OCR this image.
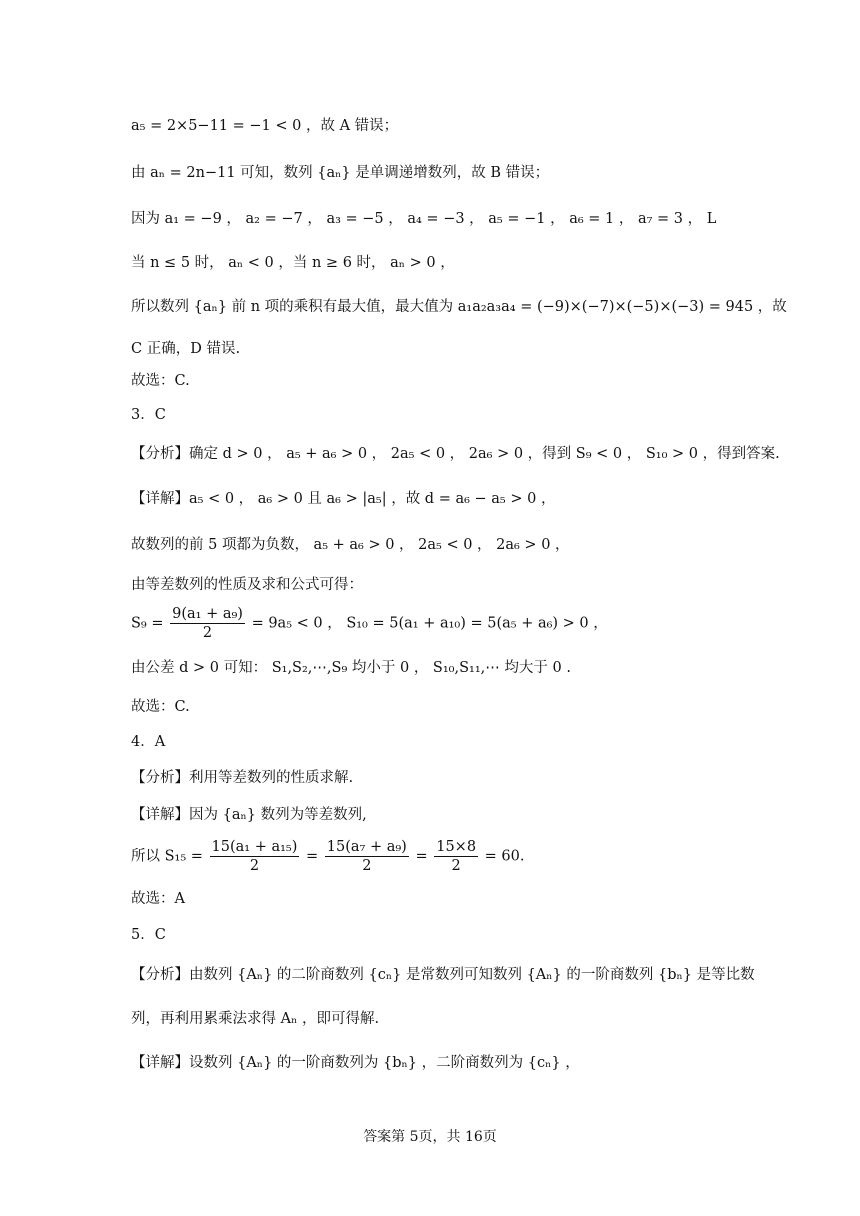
a₅ = 2×5−11 = −1 < 0 ，故 A 错误；
由 aₙ = 2n−11 可知，数列 {aₙ} 是单调递增数列，故 B 错误；
因为 a₁ = −9 ， a₂ = −7 ， a₃ = −5 ， a₄ = −3 ， a₅ = −1 ， a₆ = 1 ， a₇ = 3 ， L
当 n ≤ 5 时， aₙ < 0 ，当 n ≥ 6 时， aₙ > 0 ，
所以数列 {aₙ} 前 n 项的乘积有最大值，最大值为 a₁a₂a₃a₄ = (−9)×(−7)×(−5)×(−3) = 945 ，故
C 正确，D 错误.
故选：C.
3．C
【分析】确定 d > 0 ， a₅ + a₆ > 0 ， 2a₅ < 0 ， 2a₆ > 0 ，得到 S₉ < 0 ， S₁₀ > 0 ，得到答案.
【详解】a₅ < 0 ， a₆ > 0 且 a₆ > |a₅| ，故 d = a₆ − a₅ > 0 ，
故数列的前 5 项都为负数， a₅ + a₆ > 0 ， 2a₅ < 0 ， 2a₆ > 0 ，
由等差数列的性质及求和公式可得：
$S_9 = \frac{\text{9(a₁ + a₉)}}{2} = 9a_5 < 0$ ， S₁₀ = 5(a₁ + a₁₀) = 5(a₅ + a₆) > 0 ，
由公差 d > 0 可知： S₁,S₂,⋯,S₉ 均小于 0 ， S₁₀,S₁₁,⋯ 均大于 0 .
故选：C.
4．A
【分析】利用等差数列的性质求解.
【详解】因为 {aₙ} 数列为等差数列,
所以 $S_{15} = \frac{\text{15(a₁ + a₁₅)}}{2} = \frac{\text{15(a₇ + a₉)}}{2} = \frac{15\times 8}{2} = 60$.
故选：A
5．C
【分析】由数列 {Aₙ} 的二阶商数列 {cₙ} 是常数列可知数列 {Aₙ} 的一阶商数列 {bₙ} 是等比数
列，再利用累乘法求得 Aₙ ，即可得解.
【详解】设数列 {Aₙ} 的一阶商数列为 {bₙ} ，二阶商数列为 {cₙ} ，
答案第 5页，共 16页
